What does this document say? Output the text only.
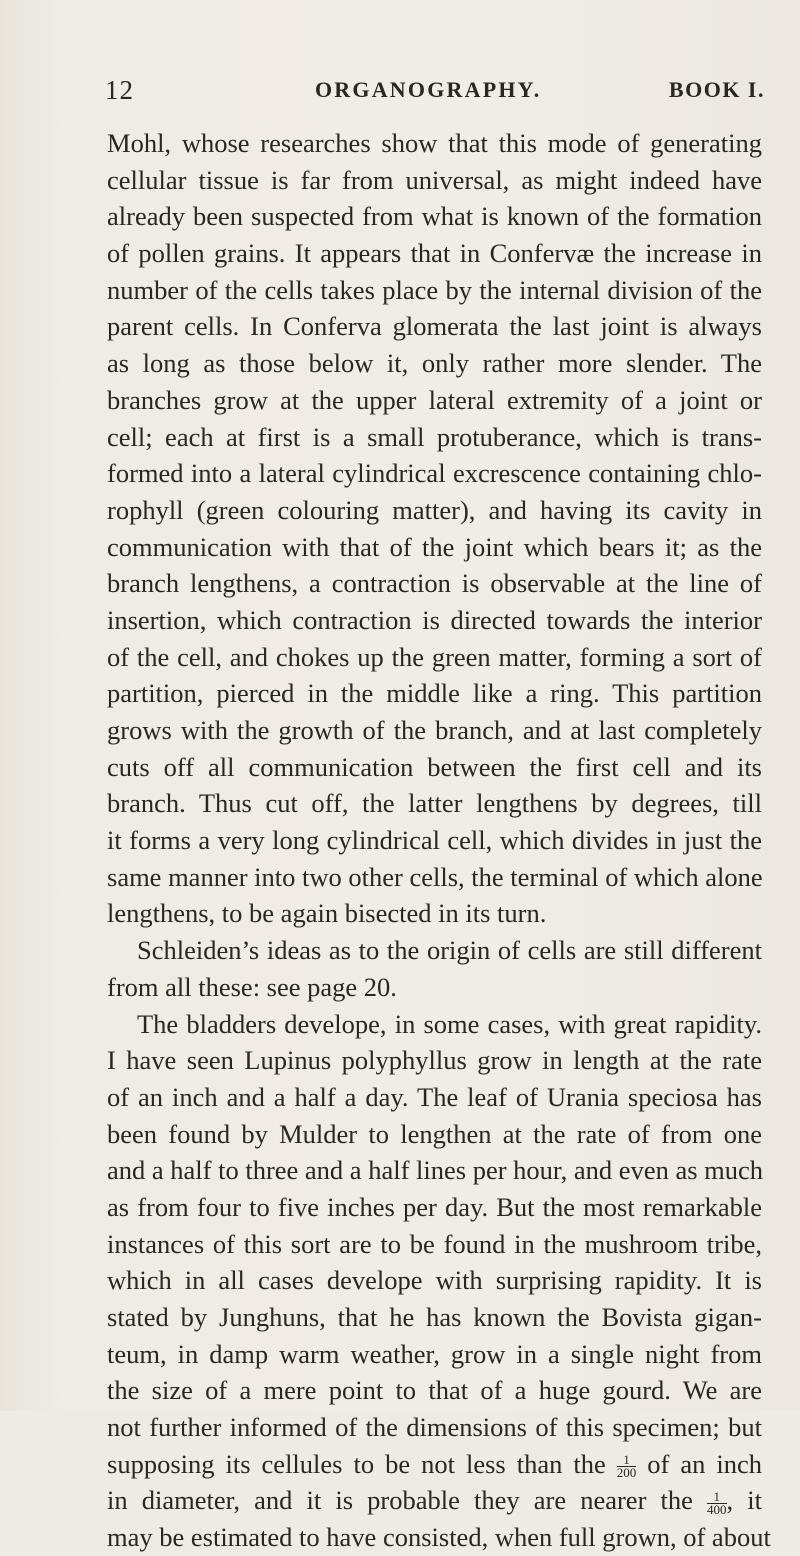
12	ORGANOGRAPHY.	BOOK I.
Mohl, whose researches show that this mode of generating
cellular tissue is far from universal, as might indeed have
already been suspected from what is known of the formation
of pollen grains. It appears that in Confervæ the increase in
number of the cells takes place by the internal division of the
parent cells. In Conferva glomerata the last joint is always
as long as those below it, only rather more slender. The
branches grow at the upper lateral extremity of a joint or
cell; each at first is a small protuberance, which is trans-
formed into a lateral cylindrical excrescence containing chlo-
rophyll (green colouring matter), and having its cavity in
communication with that of the joint which bears it; as the
branch lengthens, a contraction is observable at the line of
insertion, which contraction is directed towards the interior
of the cell, and chokes up the green matter, forming a sort of
partition, pierced in the middle like a ring. This partition
grows with the growth of the branch, and at last completely
cuts off all communication between the first cell and its
branch. Thus cut off, the latter lengthens by degrees, till
it forms a very long cylindrical cell, which divides in just the
same manner into two other cells, the terminal of which alone
lengthens, to be again bisected in its turn.
Schleiden’s ideas as to the origin of cells are still different
from all these: see page 20.
The bladders develope, in some cases, with great rapidity.
I have seen Lupinus polyphyllus grow in length at the rate
of an inch and a half a day. The leaf of Urania speciosa has
been found by Mulder to lengthen at the rate of from one
and a half to three and a half lines per hour, and even as much
as from four to five inches per day. But the most remarkable
instances of this sort are to be found in the mushroom tribe,
which in all cases develope with surprising rapidity. It is
stated by Junghuns, that he has known the Bovista gigan-
teum, in damp warm weather, grow in a single night from
the size of a mere point to that of a huge gourd. We are
not further informed of the dimensions of this specimen; but
supposing its cellules to be not less than the $\frac{1}{200}$ of an inch
in diameter, and it is probable they are nearer the $\frac{1}{400}$ , it
may be estimated to have consisted, when full grown, of about
